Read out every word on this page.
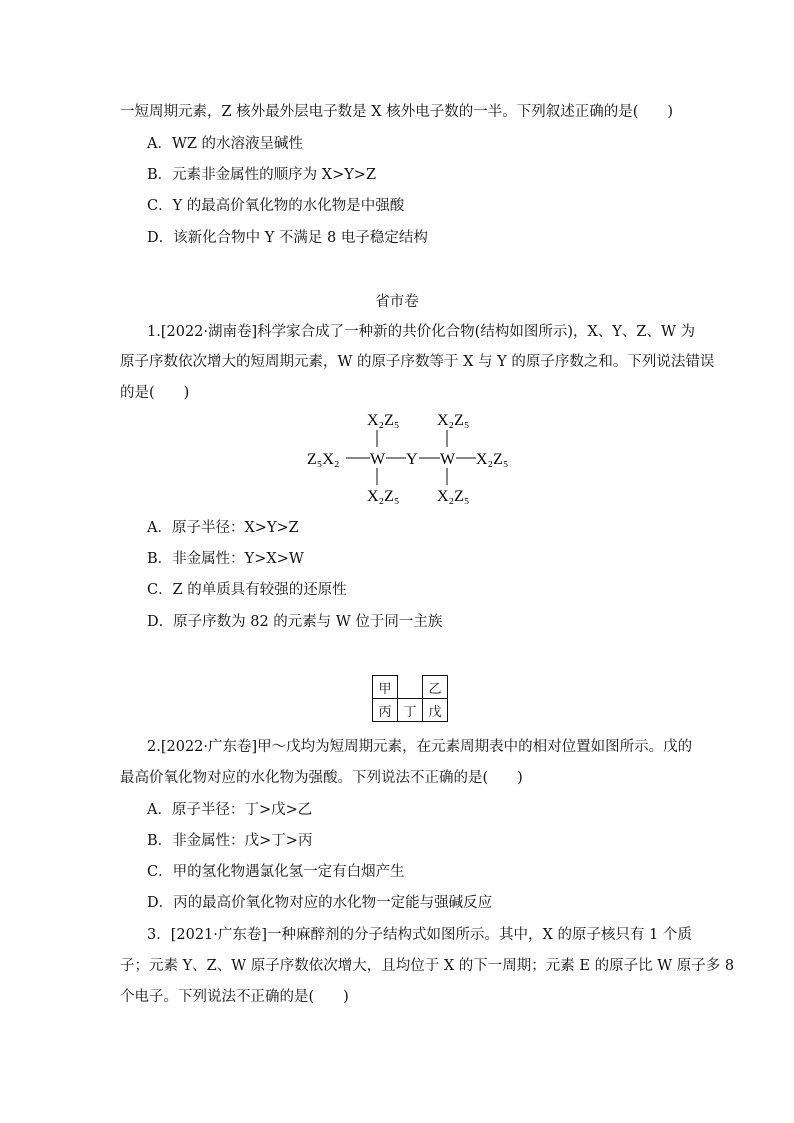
一短周期元素，Z 核外最外层电子数是 X 核外电子数的一半。下列叙述正确的是(　　)
A．WZ 的水溶液呈碱性
B．元素非金属性的顺序为 X>Y>Z
C．Y 的最高价氧化物的水化物是中强酸
D．该新化合物中 Y 不满足 8 电子稳定结构
省市卷
1.[2022·湖南卷]科学家合成了一种新的共价化合物(结构如图所示)，X、Y、Z、W 为
原子序数依次增大的短周期元素，W 的原子序数等于 X 与 Y 的原子序数之和。下列说法错误
的是(　　)
X₂Z₅ X₂Z₅
Z₅X₂ W Y W X₂Z₅
X₂Z₅ X₂Z₅
A．原子半径：X>Y>Z
B．非金属性：Y>X>W
C．Z 的单质具有较强的还原性
D．原子序数为 82 的元素与 W 位于同一主族
甲		乙
丙	丁	戊
2.[2022·广东卷]甲～戊均为短周期元素，在元素周期表中的相对位置如图所示。戊的
最高价氧化物对应的水化物为强酸。下列说法不正确的是(　　)
A．原子半径：丁>戊>乙
B．非金属性：戊>丁>丙
C．甲的氢化物遇氯化氢一定有白烟产生
D．丙的最高价氧化物对应的水化物一定能与强碱反应
3．[2021·广东卷]一种麻醉剂的分子结构式如图所示。其中，X 的原子核只有 1 个质
子；元素 Y、Z、W 原子序数依次增大，且均位于 X 的下一周期；元素 E 的原子比 W 原子多 8
个电子。下列说法不正确的是(　　)
